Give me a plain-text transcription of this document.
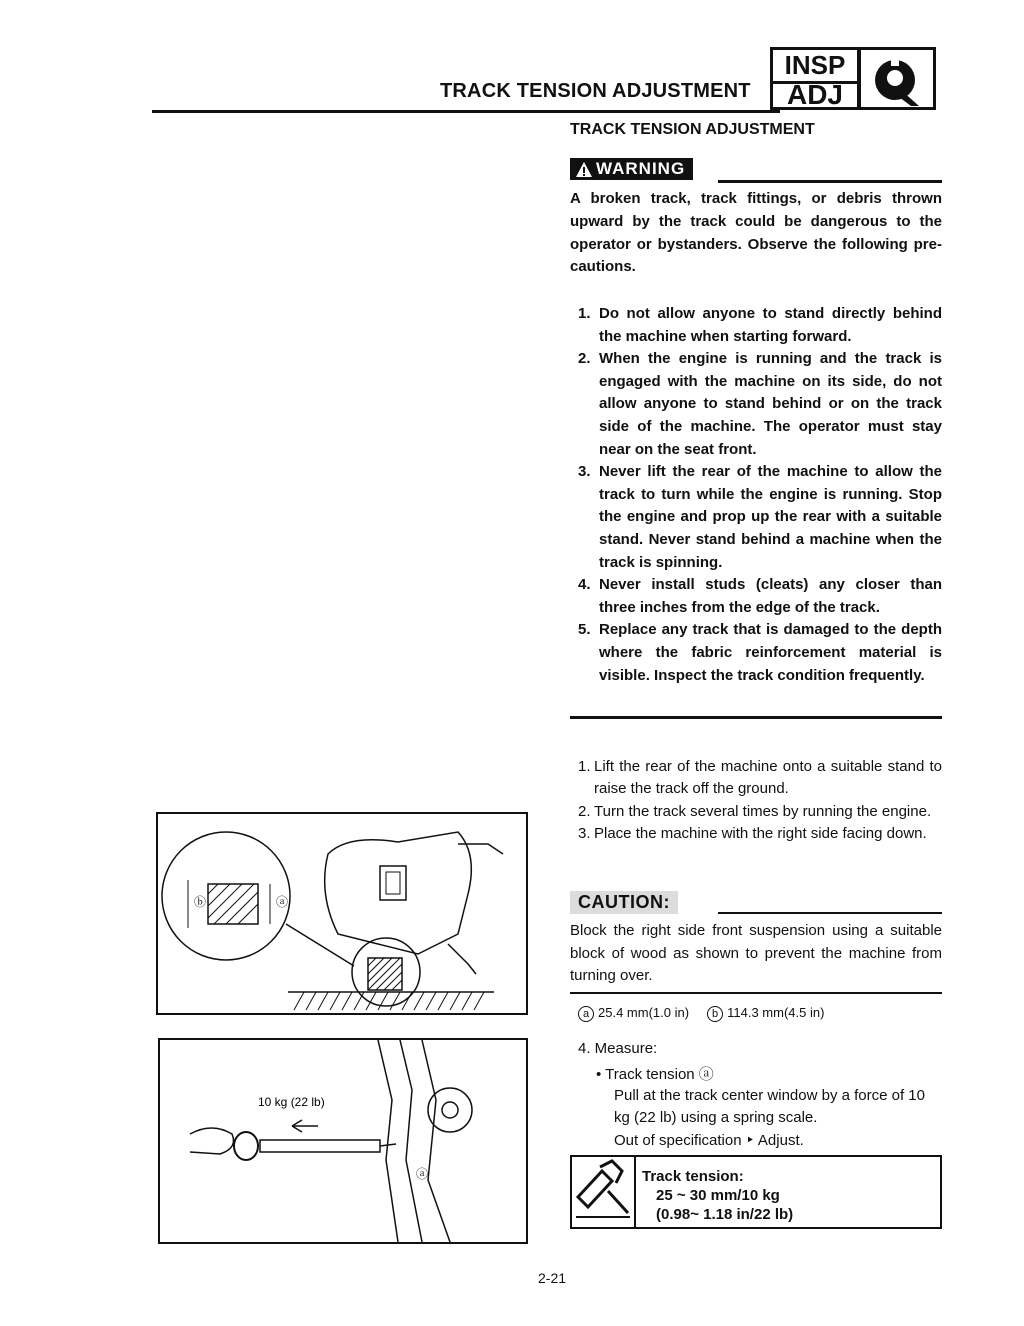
TRACK TENSION ADJUSTMENT
INSP
ADJ
TRACK TENSION ADJUSTMENT
WARNING
A broken track, track fittings, or debris thrown upward by the track could be dangerous to the operator or bystanders. Observe the following pre-cautions.
1. Do not allow anyone to stand directly behind the machine when starting forward.
2. When the engine is running and the track is engaged with the machine on its side, do not allow anyone to stand behind or on the track side of the machine. The operator must stay near on the seat front.
3. Never lift the rear of the machine to allow the track to turn while the engine is running. Stop the engine and prop up the rear with a suitable stand. Never stand behind a machine when the track is spinning.
4. Never install studs (cleats) any closer than three inches from the edge of the track.
5. Replace any track that is damaged to the depth where the fabric reinforcement material is visible. Inspect the track condition frequently.
1. Lift the rear of the machine onto a suitable stand to raise the track off the ground.
2. Turn the track several times by running the engine.
3. Place the machine with the right side facing down.
CAUTION:
Block the right side front suspension using a suitable block of wood as shown to prevent the machine from turning over.
a 25.4 mm(1.0 in) b 114.3 mm(4.5 in)
4. Measure:
• Track tension ⓐ
Pull at the track center window by a force of 10 kg (22 lb) using a spring scale.
Out of specification ‣ Adjust.
Track tension:
25 ~ 30 mm/10 kg
(0.98~ 1.18 in/22 lb)
ⓑ	ⓐ
10 kg (22 lb)
ⓐ
2-21
